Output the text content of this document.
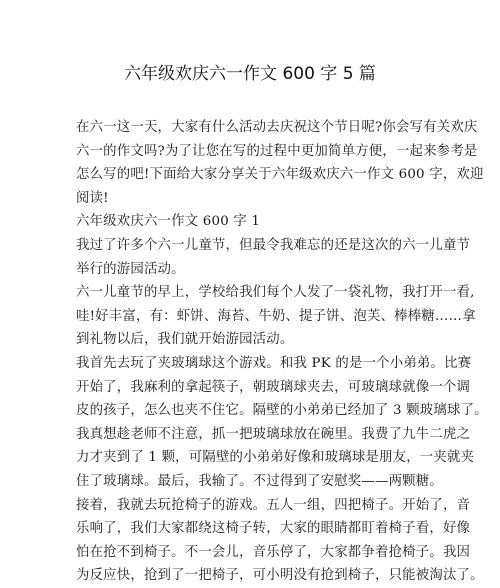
六年级欢庆六一作文 600 字 5 篇
在六一这一天，大家有什么活动去庆祝这个节日呢?你会写有关欢庆
六一的作文吗?为了让您在写的过程中更加简单方便，一起来参考是
怎么写的吧!下面给大家分享关于六年级欢庆六一作文 600 字，欢迎
阅读!
六年级欢庆六一作文 600 字 1
我过了许多个六一儿童节，但最令我难忘的还是这次的六一儿童节
举行的游园活动。
六一儿童节的早上，学校给我们每个人发了一袋礼物，我打开一看,
哇!好丰富，有：虾饼、海苔、牛奶、提子饼、泡芙、棒棒糖……拿
到礼物以后，我们就开始游园活动。
我首先去玩了夹玻璃球这个游戏。和我 PK 的是一个小弟弟。比赛
开始了，我麻利的拿起筷子，朝玻璃球夹去，可玻璃球就像一个调
皮的孩子，怎么也夹不住它。隔壁的小弟弟已经加了 3 颗玻璃球了。
我真想趁老师不注意，抓一把玻璃球放在碗里。我费了九牛二虎之
力才夹到了 1 颗，可隔壁的小弟弟好像和玻璃球是朋友，一夹就夹
住了玻璃球。最后，我输了。不过得到了安慰奖——两颗糖。
接着，我就去玩抢椅子的游戏。五人一组，四把椅子。开始了，音
乐响了，我们大家都绕这椅子转，大家的眼睛都盯着椅子看，好像
怕在抢不到椅子。不一会儿，音乐停了，大家都争着抢椅子。我因
为反应快，抢到了一把椅子，可小明没有抢到椅子，只能被淘汰了。
